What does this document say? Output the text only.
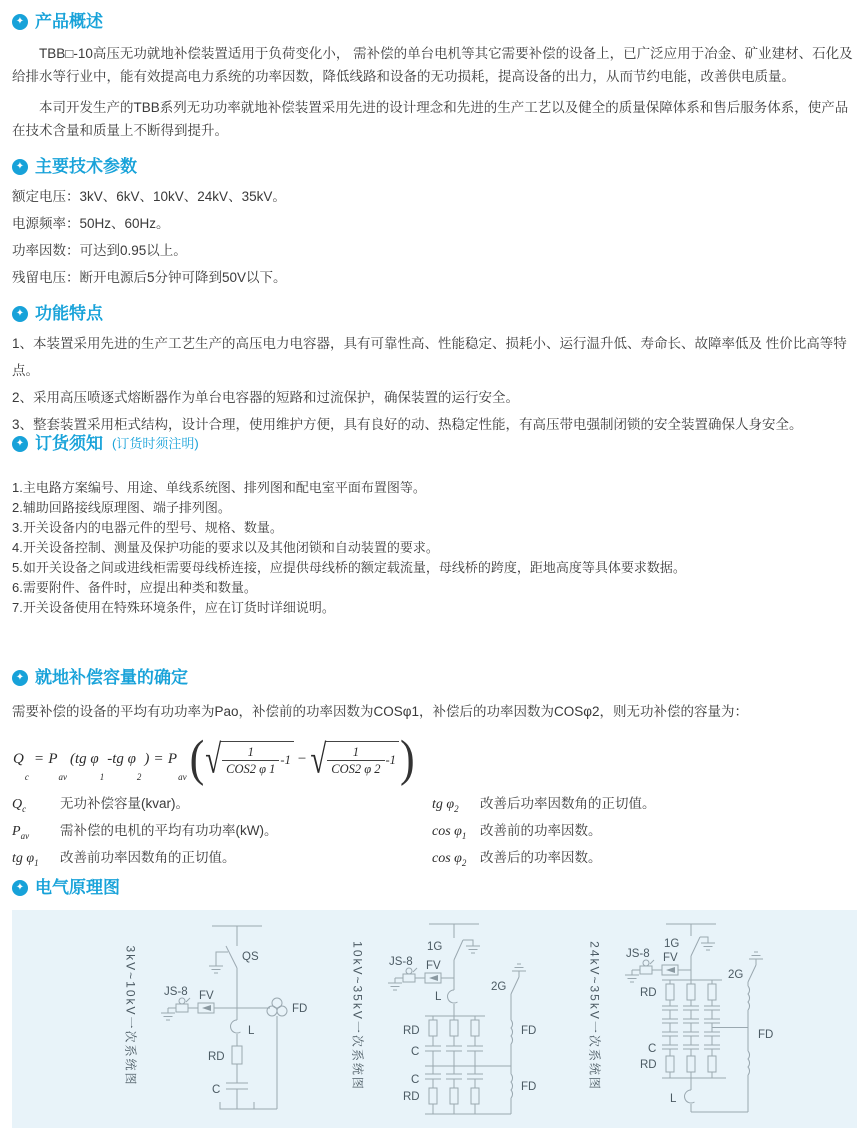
✦ 产品概述

TBB□-10高压无功就地补偿装置适用于负荷变化小， 需补偿的单台电机等其它需要补偿的设备上，已广泛应用于冶金、矿业建材、石化及给排水等行业中，能有效提高电力系统的功率因数，降低线路和设备的无功损耗，提高设备的出力，从而节约电能，改善供电质量。

本司开发生产的TBB系列无功功率就地补偿装置采用先进的设计理念和先进的生产工艺以及健全的质量保障体系和售后服务体系，使产品在技术含量和质量上不断得到提升。

✦ 主要技术参数
额定电压：3kV、6kV、10kV、24kV、35kV。
电源频率：50Hz、60Hz。
功率因数：可达到0.95以上。
残留电压：断开电源后5分钟可降到50V以下。
✦ 功能特点
1、本装置采用先进的生产工艺生产的高压电力电容器，具有可靠性高、性能稳定、损耗小、运行温升低、寿命长、故障率低及 性价比高等特点。
2、采用高压喷逐式熔断器作为单台电容器的短路和过流保护，确保装置的运行安全。
3、整套装置采用柜式结构，设计合理，使用维护方便，具有良好的动、热稳定性能，有高压带电强制闭锁的安全装置确保人身安全。
✦ 订货须知 (订货时须注明)
1.主电路方案编号、用途、单线系统图、排列图和配电室平面布置图等。
2.辅助回路接线原理图、端子排列图。
3.开关设备内的电器元件的型号、规格、数量。
4.开关设备控制、测量及保护功能的要求以及其他闭锁和自动装置的要求。
5.如开关设备之间或进线柜需要母线桥连接，应提供母线桥的额定载流量，母线桥的跨度，距地高度等具体要求数据。
6.需要附件、备件时，应提出种类和数量。
7.开关设备使用在特殊环境条件，应在订货时详细说明。
✦ 就地补偿容量的确定

需要补偿的设备的平均有功功率为Pao，补偿前的功率因数为COSφ1，补偿后的功率因数为COSφ2，则无功补偿的容量为：

Q
c
= P
av
(tg φ
1
-tg φ
2
) = P
av ( √ $\frac{1}{\text{COS2 φ 1}} -1$ − √ $\frac{1}{\text{COS2 φ 2}} -1$ )
$Q_c$	无功补偿容量(kvar)。
$P_{av}$	需补偿的电机的平均有功功率(kW)。
tg $\varphi_1$	改善前功率因数角的正切值。
tg $\varphi_2$	改善后功率因数角的正切值。
$\cos \varphi_1$	改善前的功率因数。
$\cos \varphi_2$	改善后的功率因数。
✦ 电气原理图
3kV~10kV一次系统图	QS
FV
JS-8
FD
L
RD
C	10kV~35kV一次系统图	1G
FV
JS-8
L
RD
C
C
RD
2G
FD
FD	24kV~35kV一次系统图	1G
FV
JS-8
RD
C
RD
2G
FD
L
